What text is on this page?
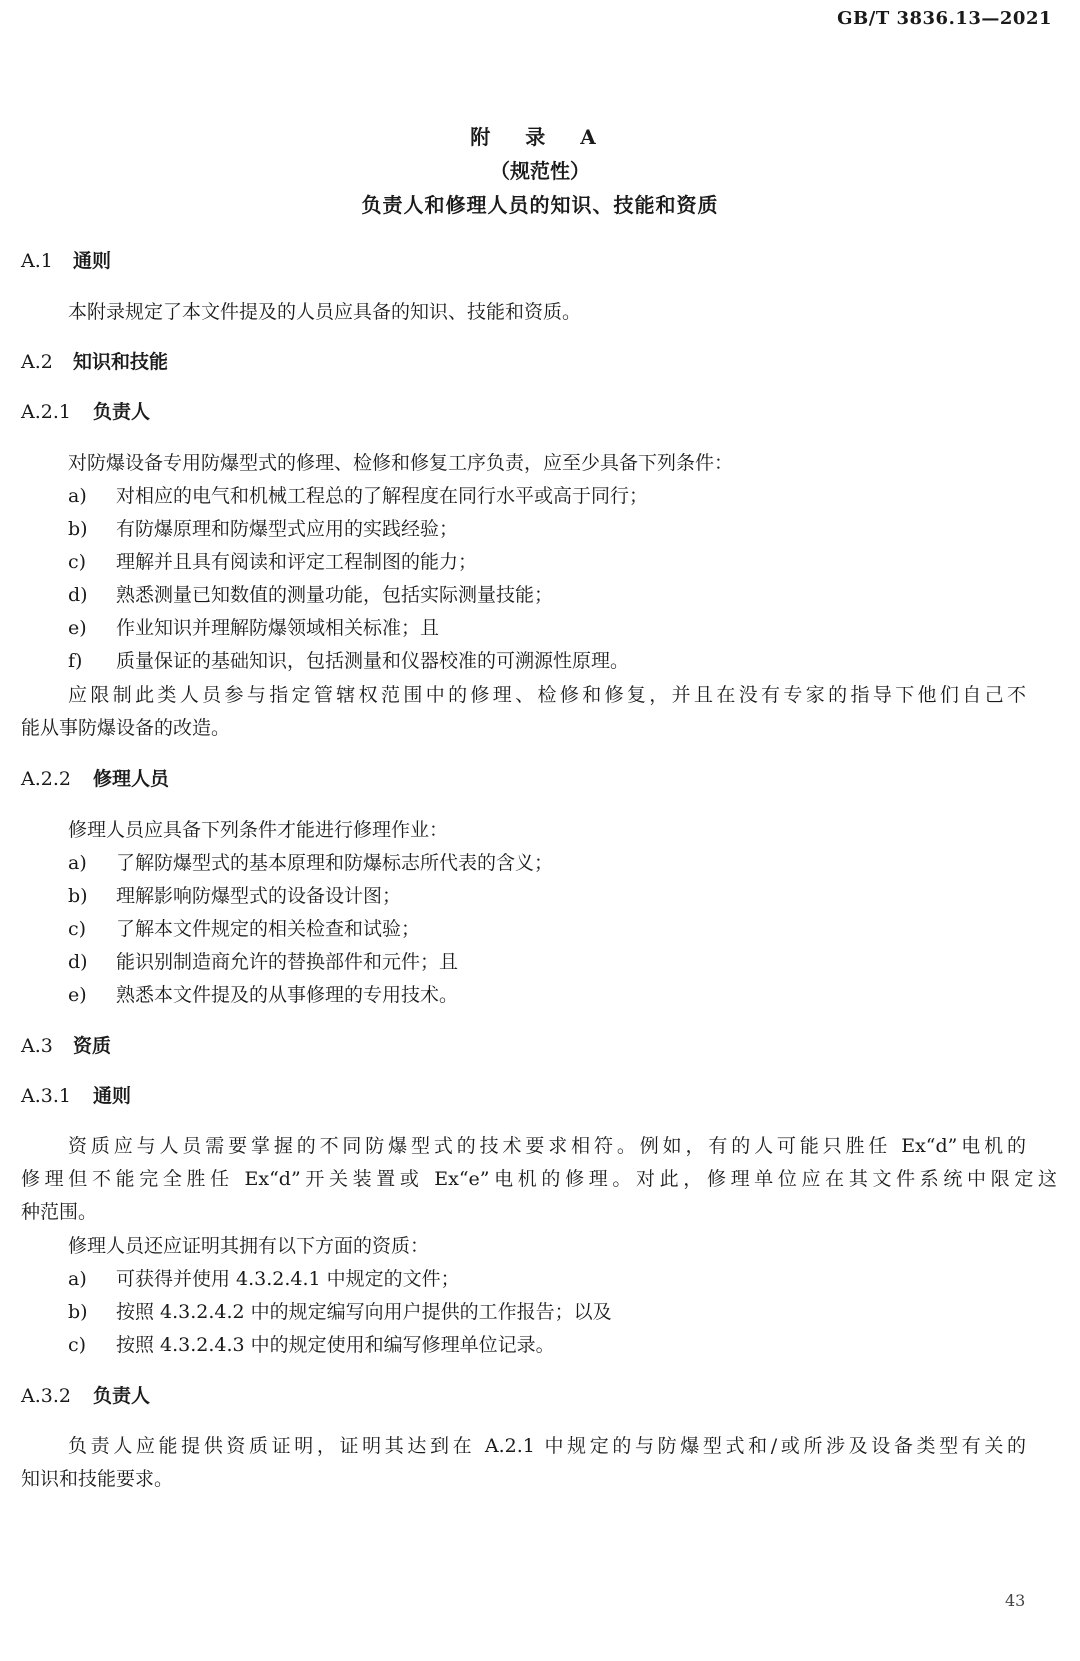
GB/T 3836.13—2021
附 录 A
（规范性）
负责人和修理人员的知识、技能和资质
A.1 通则
本附录规定了本文件提及的人员应具备的知识、技能和资质。
A.2 知识和技能
A.2.1 负责人
对防爆设备专用防爆型式的修理、检修和修复工序负责，应至少具备下列条件：
a) 对相应的电气和机械工程总的了解程度在同行水平或高于同行；
b) 有防爆原理和防爆型式应用的实践经验；
c) 理解并且具有阅读和评定工程制图的能力；
d) 熟悉测量已知数值的测量功能，包括实际测量技能；
e) 作业知识并理解防爆领域相关标准；且
f) 质量保证的基础知识，包括测量和仪器校准的可溯源性原理。
应限制此类人员参与指定管辖权范围中的修理、检修和修复，并且在没有专家的指导下他们自己不
能从事防爆设备的改造。
A.2.2 修理人员
修理人员应具备下列条件才能进行修理作业：
a) 了解防爆型式的基本原理和防爆标志所代表的含义；
b) 理解影响防爆型式的设备设计图；
c) 了解本文件规定的相关检查和试验；
d) 能识别制造商允许的替换部件和元件；且
e) 熟悉本文件提及的从事修理的专用技术。
A.3 资质
A.3.1 通则
资质应与人员需要掌握的不同防爆型式的技术要求相符。例如，有的人可能只胜任 Ex“d”电机的
修理但不能完全胜任 Ex“d”开关装置或 Ex“e”电机的修理。对此，修理单位应在其文件系统中限定这
种范围。
修理人员还应证明其拥有以下方面的资质：
a) 可获得并使用 4.3.2.4.1 中规定的文件；
b) 按照 4.3.2.4.2 中的规定编写向用户提供的工作报告；以及
c) 按照 4.3.2.4.3 中的规定使用和编写修理单位记录。
A.3.2 负责人
负责人应能提供资质证明，证明其达到在 A.2.1 中规定的与防爆型式和/或所涉及设备类型有关的
知识和技能要求。
43
